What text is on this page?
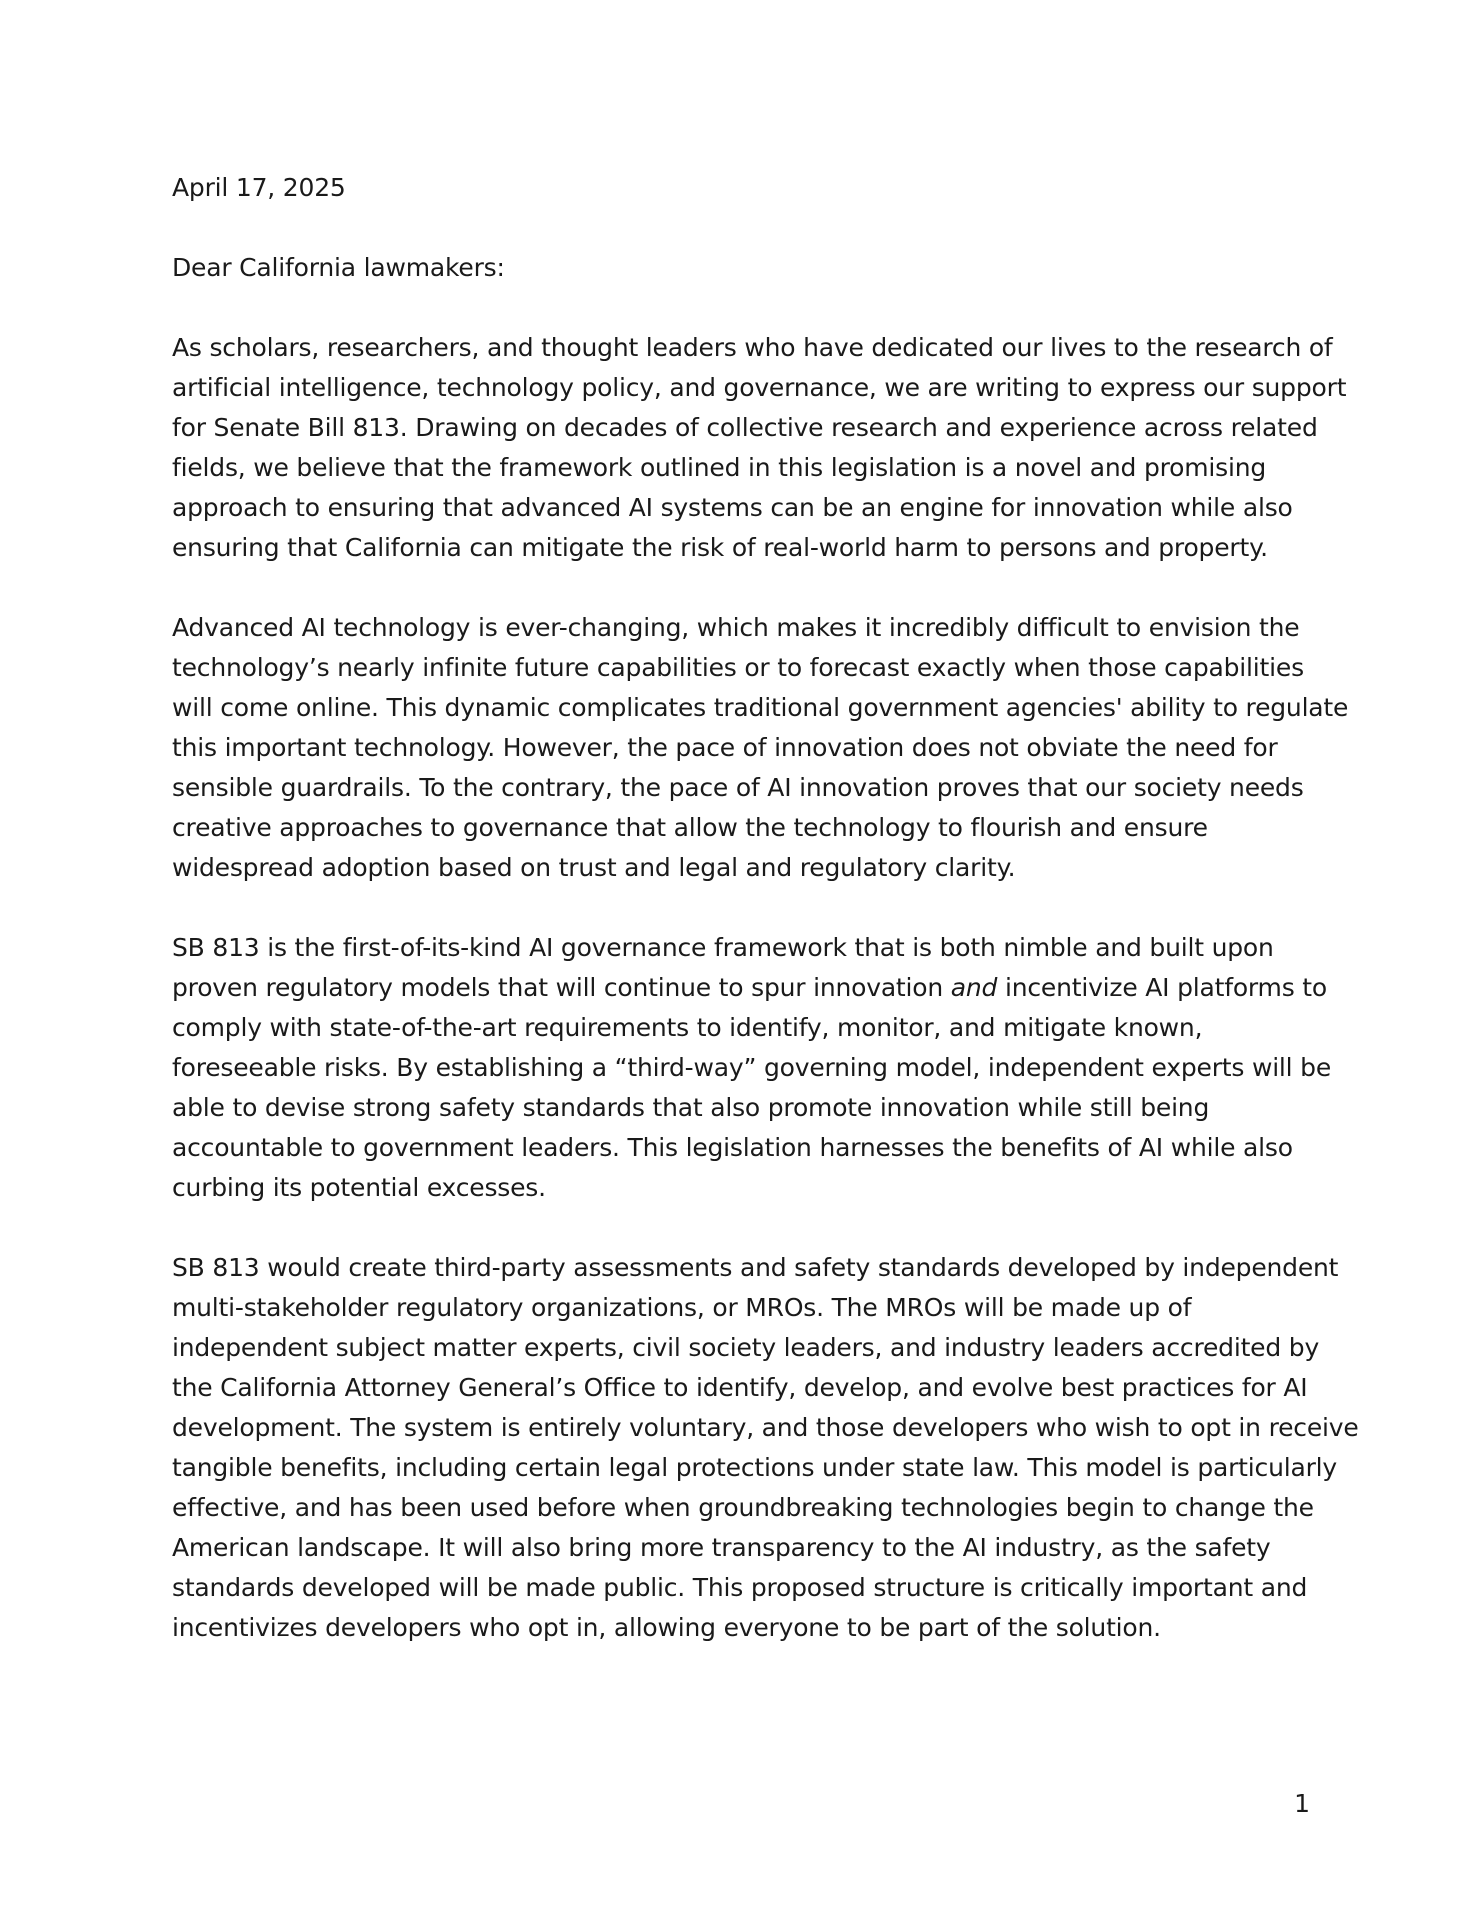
April 17, 2025
Dear California lawmakers:
As scholars, researchers, and thought leaders who have dedicated our lives to the research of
artificial intelligence, technology policy, and governance, we are writing to express our support
for Senate Bill 813. Drawing on decades of collective research and experience across related
fields, we believe that the framework outlined in this legislation is a novel and promising
approach to ensuring that advanced AI systems can be an engine for innovation while also
ensuring that California can mitigate the risk of real-world harm to persons and property.
Advanced AI technology is ever-changing, which makes it incredibly difficult to envision the
technology’s nearly infinite future capabilities or to forecast exactly when those capabilities
will come online. This dynamic complicates traditional government agencies' ability to regulate
this important technology. However, the pace of innovation does not obviate the need for
sensible guardrails. To the contrary, the pace of AI innovation proves that our society needs
creative approaches to governance that allow the technology to flourish and ensure
widespread adoption based on trust and legal and regulatory clarity.
SB 813 is the first-of-its-kind AI governance framework that is both nimble and built upon
proven regulatory models that will continue to spur innovation and incentivize AI platforms to
comply with state-of-the-art requirements to identify, monitor, and mitigate known,
foreseeable risks. By establishing a “third-way” governing model, independent experts will be
able to devise strong safety standards that also promote innovation while still being
accountable to government leaders. This legislation harnesses the benefits of AI while also
curbing its potential excesses.
SB 813 would create third-party assessments and safety standards developed by independent
multi-stakeholder regulatory organizations, or MROs. The MROs will be made up of
independent subject matter experts, civil society leaders, and industry leaders accredited by
the California Attorney General’s Office to identify, develop, and evolve best practices for AI
development. The system is entirely voluntary, and those developers who wish to opt in receive
tangible benefits, including certain legal protections under state law. This model is particularly
effective, and has been used before when groundbreaking technologies begin to change the
American landscape. It will also bring more transparency to the AI industry, as the safety
standards developed will be made public. This proposed structure is critically important and
incentivizes developers who opt in, allowing everyone to be part of the solution.
1
